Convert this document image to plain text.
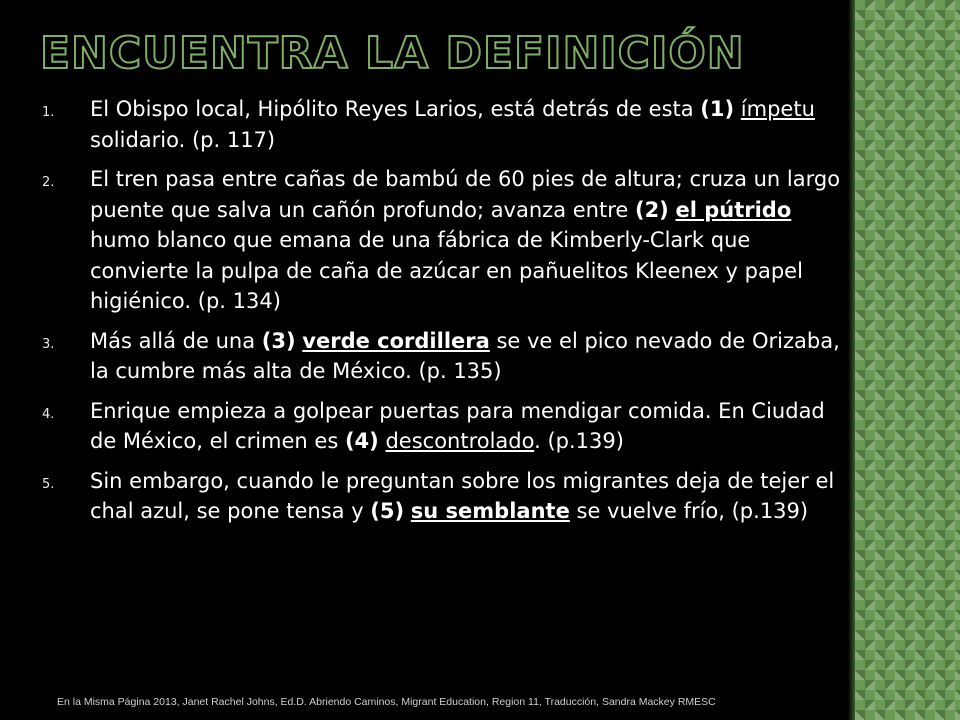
ENCUENTRA LA DEFINICIÓN
1.	El Obispo local, Hipólito Reyes Larios, está detrás de esta (1) ímpetu solidario. (p. 117)
2.	El tren pasa entre cañas de bambú de 60 pies de altura; cruza un largo puente que salva un cañón profundo; avanza entre (2) el pútrido humo blanco que emana de una fábrica de Kimberly-Clark que convierte la pulpa de caña de azúcar en pañuelitos Kleenex y papel higiénico. (p. 134)
3.	Más allá de una (3) verde cordillera se ve el pico nevado de Orizaba, la cumbre más alta de México. (p. 135)
4.	Enrique empieza a golpear puertas para mendigar comida. En Ciudad de México, el crimen es (4) descontrolado. (p.139)
5.	Sin embargo, cuando le preguntan sobre los migrantes deja de tejer el chal azul, se pone tensa y (5) su semblante se vuelve frío, (p.139)
En la Misma Página 2013, Janet Rachel Johns, Ed.D. Abriendo Caminos, Migrant Education, Region 11, Traducción, Sandra Mackey RMESC
